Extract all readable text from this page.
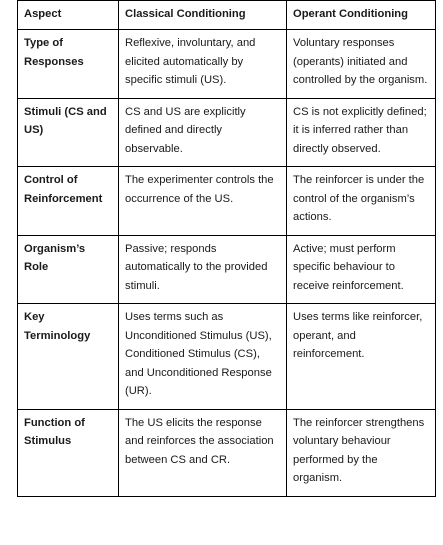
Aspect	Classical Conditioning	Operant Conditioning
Type of Responses	Reflexive, involuntary, and elicited automatically by specific stimuli (US).	Voluntary responses (operants) initiated and controlled by the organism.
Stimuli (CS and US)	CS and US are explicitly defined and directly observable.	CS is not explicitly defined; it is inferred rather than directly observed.
Control of Reinforcement	The experimenter controls the occurrence of the US.	The reinforcer is under the control of the organism’s actions.
Organism’s Role	Passive; responds automatically to the provided stimuli.	Active; must perform specific behaviour to receive reinforcement.
Key Terminology	Uses terms such as Unconditioned Stimulus (US), Conditioned Stimulus (CS), and Unconditioned Response (UR).	Uses terms like reinforcer, operant, and reinforcement.
Function of Stimulus	The US elicits the response and reinforces the association between CS and CR.	The reinforcer strengthens voluntary behaviour performed by the organism.
